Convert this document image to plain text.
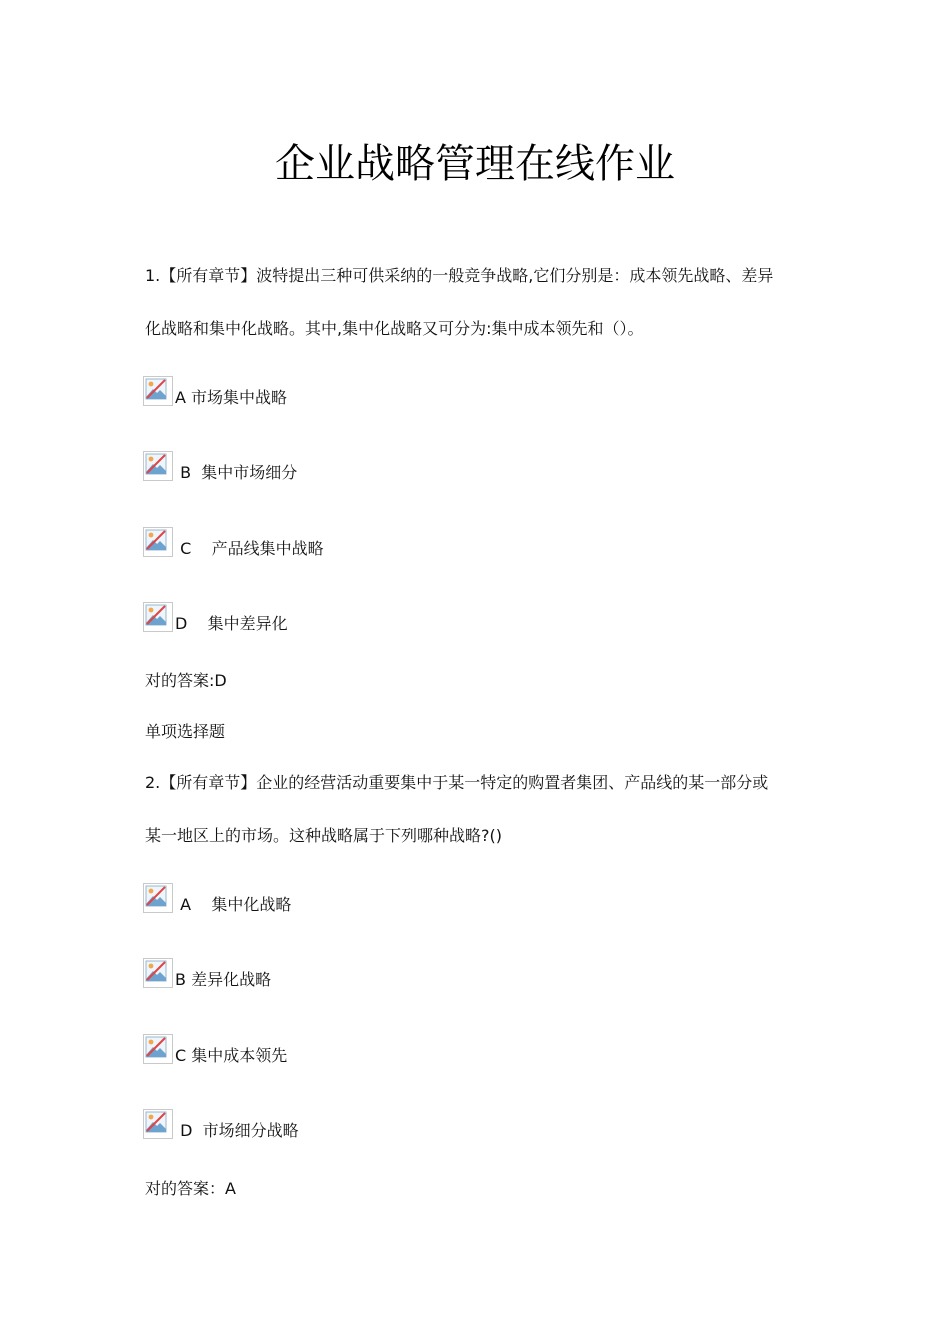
企业战略管理在线作业
1.【所有章节】波特提出三种可供采纳的一般竞争战略,它们分别是：成本领先战略、差异
化战略和集中化战略。其中,集中化战略又可分为:集中成本领先和（）。
A 市场集中战略
B  集中市场细分
C    产品线集中战略
D    集中差异化
对的答案:D
单项选择题
2.【所有章节】企业的经营活动重要集中于某一特定的购置者集团、产品线的某一部分或
某一地区上的市场。这种战略属于下列哪种战略?()
A    集中化战略
B 差异化战略
C 集中成本领先
D  市场细分战略
对的答案：A
